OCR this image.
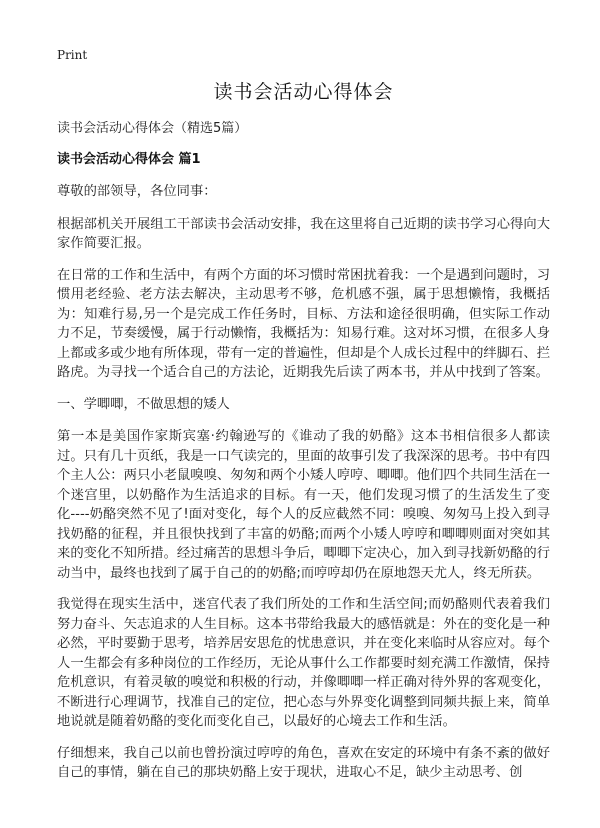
Print
读书会活动心得体会
读书会活动心得体会（精选5篇）
读书会活动心得体会 篇1

尊敬的部领导，各位同事：

根据部机关开展组工干部读书会活动安排，我在这里将自己近期的读书学习心得向大家作简要汇报。

在日常的工作和生活中，有两个方面的坏习惯时常困扰着我：一个是遇到问题时，习惯用老经验、老方法去解决，主动思考不够，危机感不强，属于思想懒惰，我概括为：知难行易,另一个是完成工作任务时，目标、方法和途径很明确，但实际工作动力不足，节奏缓慢，属于行动懒惰，我概括为：知易行难。这对坏习惯，在很多人身上都或多或少地有所体现，带有一定的普遍性，但却是个人成长过程中的绊脚石、拦路虎。为寻找一个适合自己的方法论，近期我先后读了两本书，并从中找到了答案。

一、学唧唧，不做思想的矮人

第一本是美国作家斯宾塞·约翰逊写的《谁动了我的奶酪》这本书相信很多人都读过。只有几十页纸，我是一口气读完的，里面的故事引发了我深深的思考。书中有四个主人公：两只小老鼠嗅嗅、匆匆和两个小矮人哼哼、唧唧。他们四个共同生活在一个迷宫里，以奶酪作为生活追求的目标。有一天，他们发现习惯了的生活发生了变化----奶酪突然不见了!面对变化，每个人的反应截然不同：嗅嗅、匆匆马上投入到寻找奶酪的征程，并且很快找到了丰富的奶酪;而两个小矮人哼哼和唧唧则面对突如其来的变化不知所措。经过痛苦的思想斗争后，唧唧下定决心，加入到寻找新奶酪的行动当中，最终也找到了属于自己的的奶酪;而哼哼却仍在原地怨天尤人，终无所获。

我觉得在现实生活中，迷宫代表了我们所处的工作和生活空间;而奶酪则代表着我们努力奋斗、矢志追求的人生目标。这本书带给我最大的感悟就是：外在的变化是一种必然，平时要勤于思考，培养居安思危的忧患意识，并在变化来临时从容应对。每个人一生都会有多种岗位的工作经历，无论从事什么工作都要时刻充满工作激情，保持危机意识，有着灵敏的嗅觉和积极的行动，并像唧唧一样正确对待外界的客观变化，不断进行心理调节，找准自己的定位，把心态与外界变化调整到同频共振上来，简单地说就是随着奶酪的变化而变化自己，以最好的心境去工作和生活。

仔细想来，我自己以前也曾扮演过哼哼的角色，喜欢在安定的环境中有条不紊的做好自己的事情，躺在自己的那块奶酪上安于现状，进取心不足，缺少主动思考、创
